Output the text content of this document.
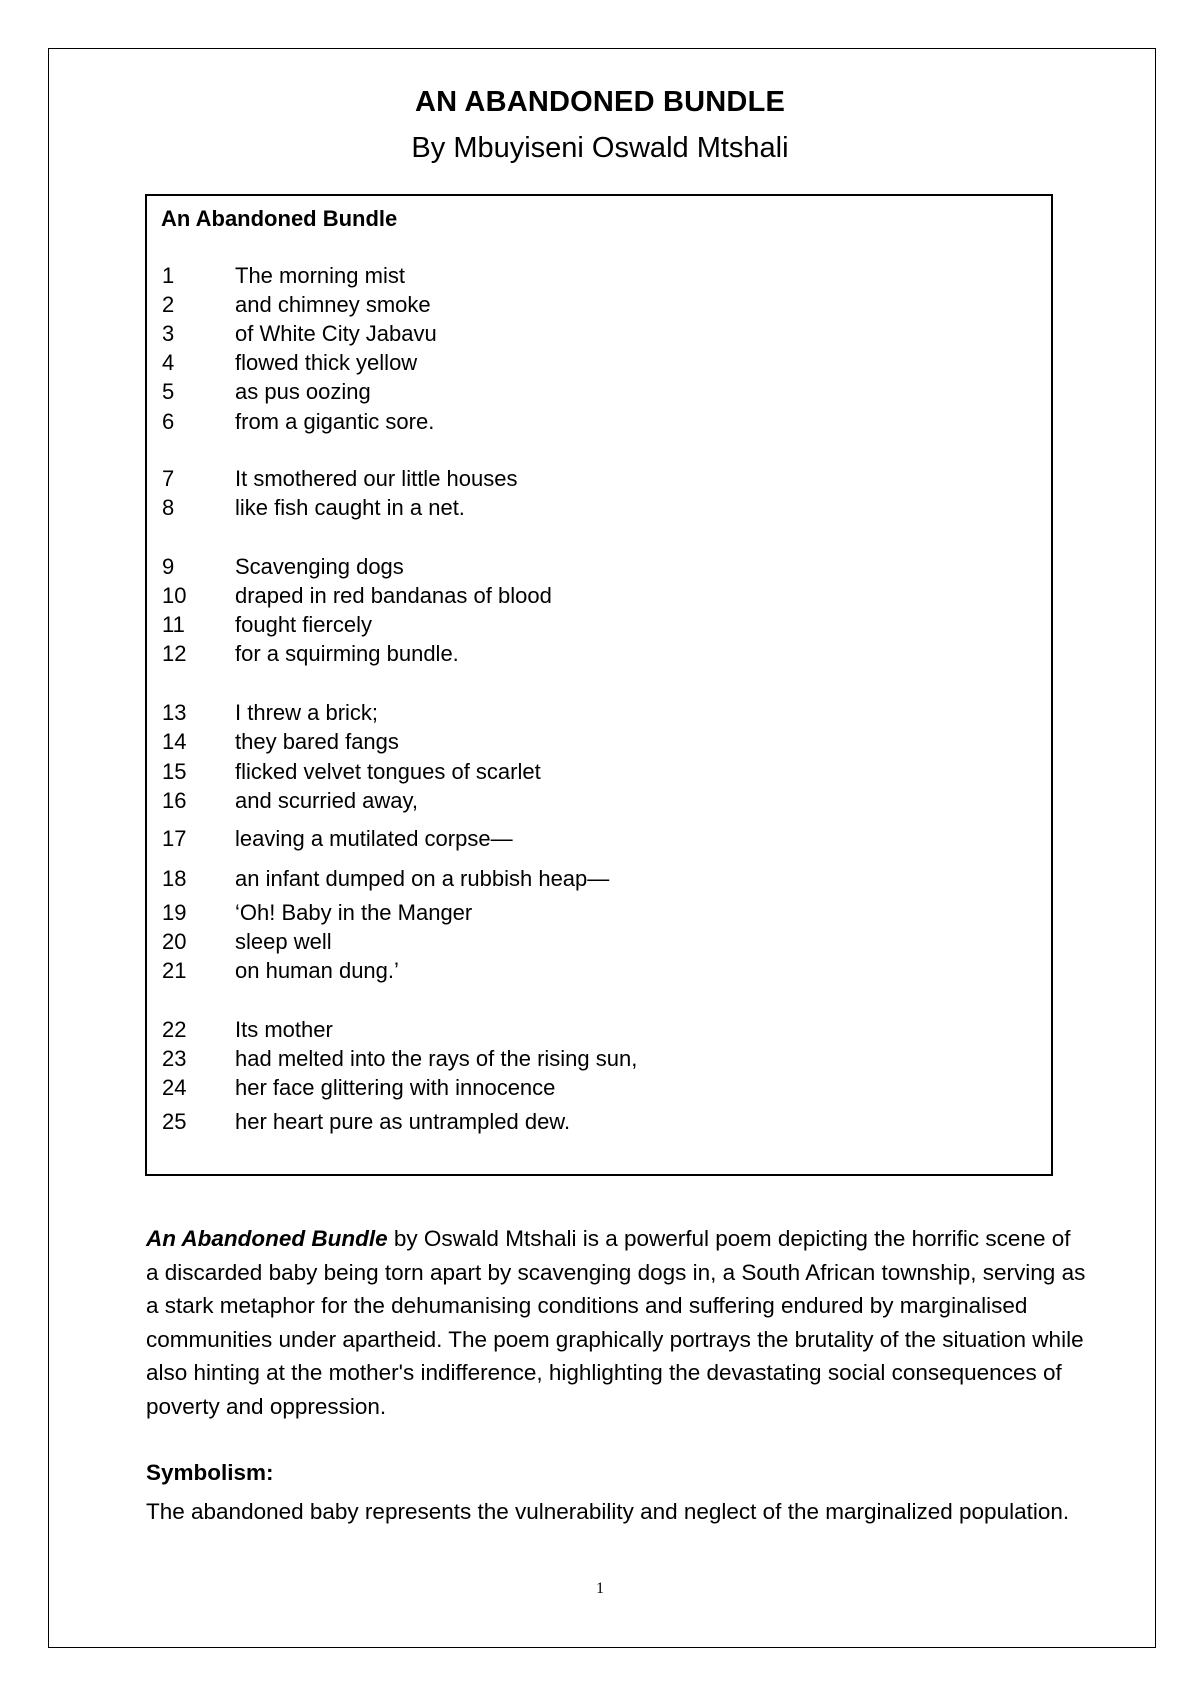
AN ABANDONED BUNDLE
By Mbuyiseni Oswald Mtshali
An Abandoned Bundle
1	The morning mist
2	and chimney smoke
3	of White City Jabavu
4	flowed thick yellow
5	as pus oozing
6	from a gigantic sore.
7	It smothered our little houses
8	like fish caught in a net.
9	Scavenging dogs
10 draped in red bandanas of blood
11 fought fiercely
12 for a squirming bundle.
13 I threw a brick;
14 they bared fangs
15 flicked velvet tongues of scarlet
16 and scurried away,
17 leaving a mutilated corpse—
18 an infant dumped on a rubbish heap—
19 ‘Oh! Baby in the Manger
20 sleep well
21 on human dung.’
22 Its mother
23 had melted into the rays of the rising sun,
24 her face glittering with innocence
25 her heart pure as untrampled dew.
An Abandoned Bundle by Oswald Mtshali is a powerful poem depicting the horrific scene of a discarded baby being torn apart by scavenging dogs in, a South African township, serving as a stark metaphor for the dehumanising conditions and suffering endured by marginalised communities under apartheid. The poem graphically portrays the brutality of the situation while also hinting at the mother's indifference, highlighting the devastating social consequences of poverty and oppression.
Symbolism:
The abandoned baby represents the vulnerability and neglect of the marginalized population.
1
